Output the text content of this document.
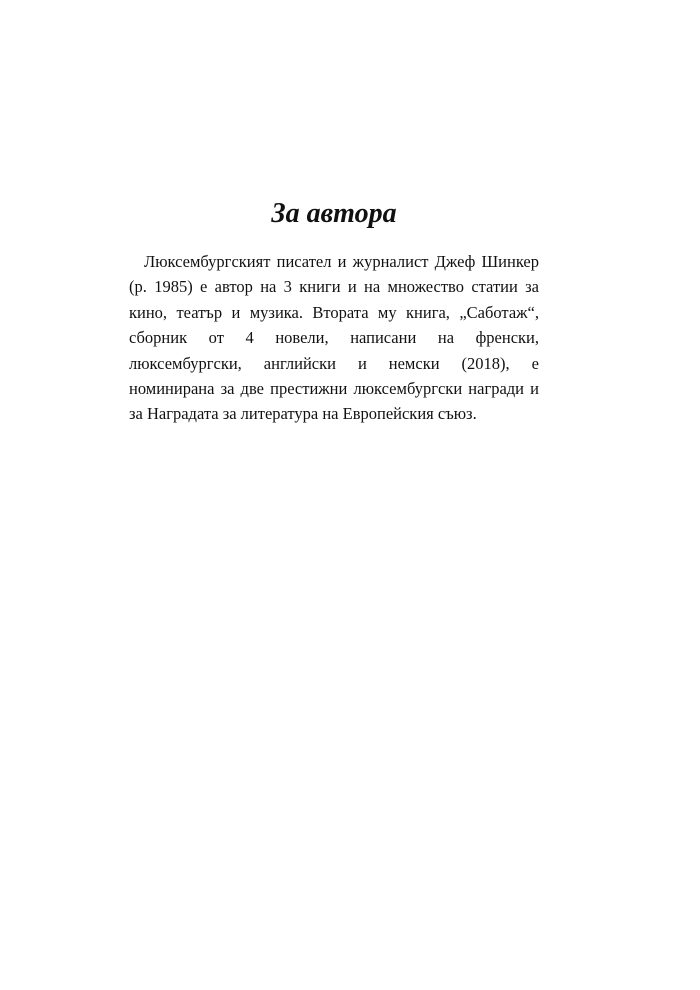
За автора

Люксембургският писател и журналист Джеф Шинкер (р. 1985) е автор на 3 книги и на множество статии за кино, театър и музика. Втората му книга, „Саботаж“, сборник от 4 новели, написани на френски, люксембургски, английски и немски (2018), е номинирана за две престижни люксембургски награди и за Наградата за литература на Европейския съюз.
